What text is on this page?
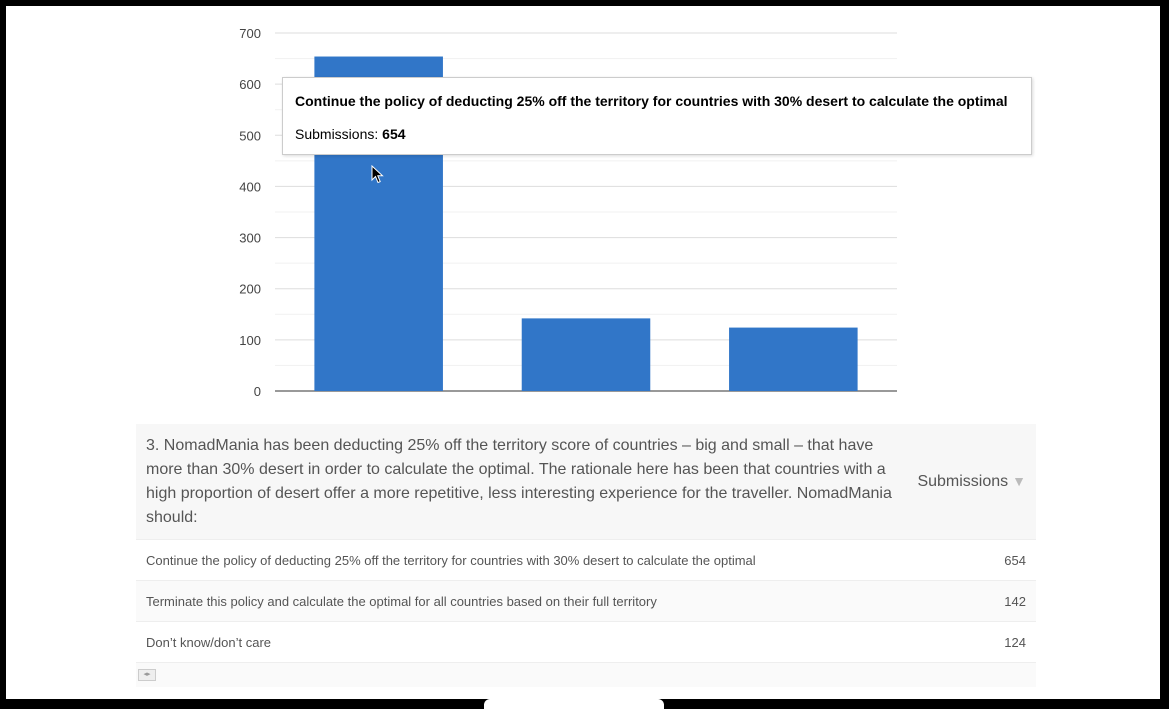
0
100
200
300
400
500
600
700
Continue the policy of deducting 25% off the territory for countries with 30% desert to calculate the optimal
Submissions: 654
3. NomadMania has been deducting 25% off the territory score of countries – big and small – that have more than 30% desert in order to calculate the optimal. The rationale here has been that countries with a high proportion of desert offer a more repetitive, less interesting experience for the traveller. NomadMania should:
Submissions ▼
Continue the policy of deducting 25% off the territory for countries with 30% desert to calculate the optimal	654
Terminate this policy and calculate the optimal for all countries based on their full territory	142
Don’t know/don’t care	124
◂▸
